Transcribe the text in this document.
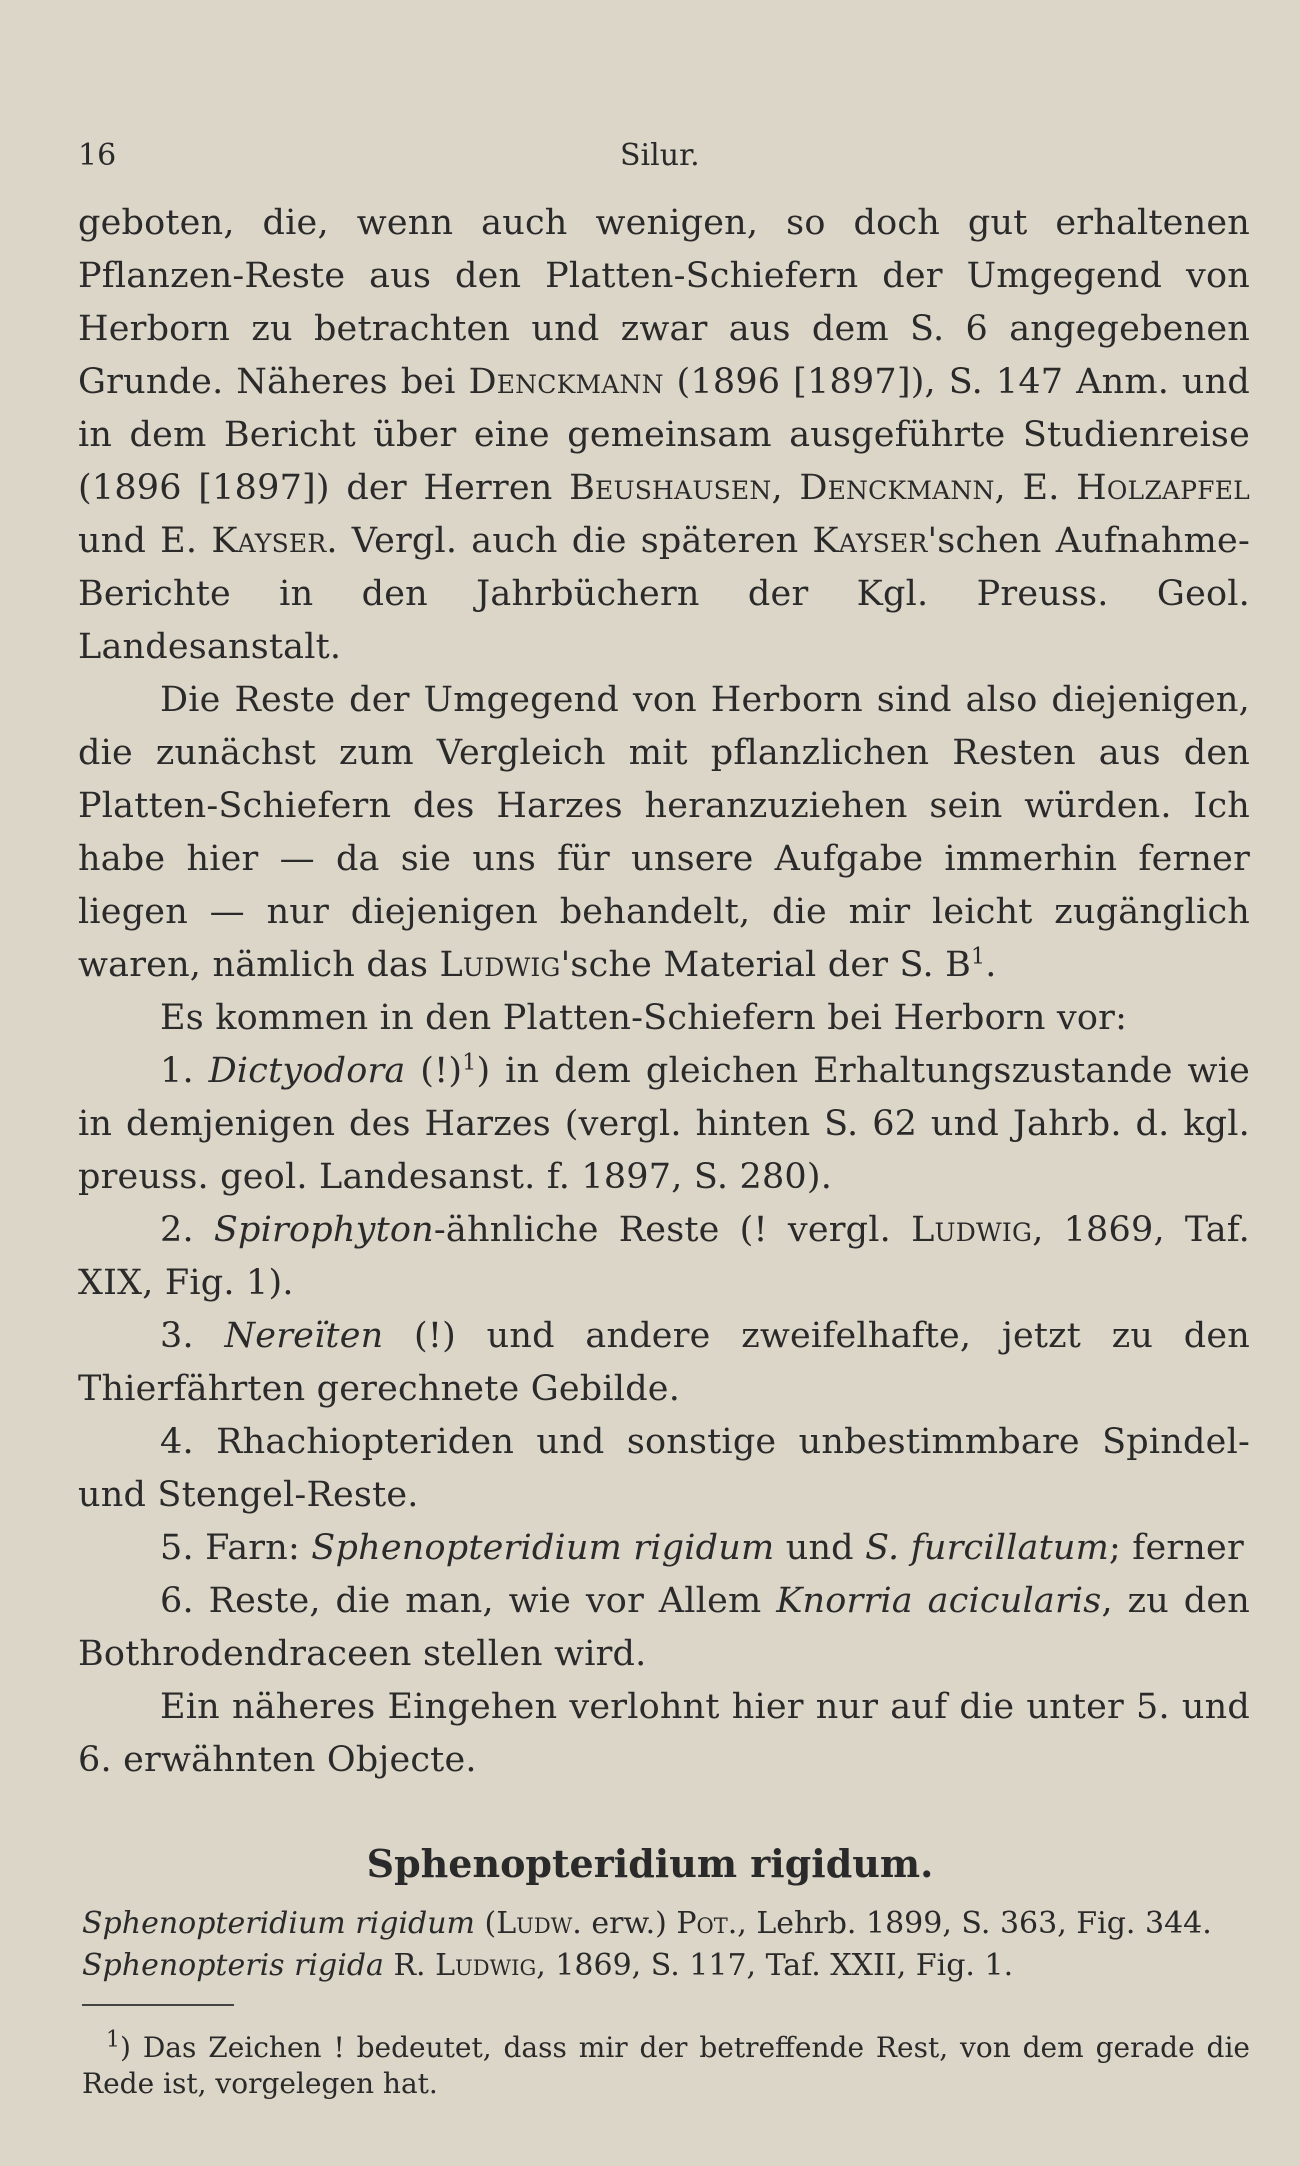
16	Silur.

geboten, die, wenn auch wenigen, so doch gut erhaltenen Pflanzen-Reste aus den Platten-Schiefern der Umgegend von Herborn zu betrachten und zwar aus dem S. 6 angegebenen Grunde. Näheres bei Denckmann (1896 [1897]), S. 147 Anm. und in dem Bericht über eine gemeinsam ausgeführte Studienreise (1896 [1897]) der Herren Beushausen, Denckmann, E. Holzapfel und E. Kayser. Vergl. auch die späteren Kayser'schen Aufnahme-Berichte in den Jahrbüchern der Kgl. Preuss. Geol. Landesanstalt.

Die Reste der Umgegend von Herborn sind also diejenigen, die zunächst zum Vergleich mit pflanzlichen Resten aus den Platten-Schiefern des Harzes heranzuziehen sein würden. Ich habe hier — da sie uns für unsere Aufgabe immerhin ferner liegen — nur diejenigen behandelt, die mir leicht zugänglich waren, nämlich das Ludwig'sche Material der S. $B^1$.

Es kommen in den Platten-Schiefern bei Herborn vor:

1. Dictyodora (!)$^1$) in dem gleichen Erhaltungszustande wie in demjenigen des Harzes (vergl. hinten S. 62 und Jahrb. d. kgl. preuss. geol. Landesanst. f. 1897, S. 280).

2. Spirophyton-ähnliche Reste (! vergl. Ludwig, 1869, Taf. XIX, Fig. 1).

3. Nereïten (!) und andere zweifelhafte, jetzt zu den Thierfährten gerechnete Gebilde.

4. Rhachiopteriden und sonstige unbestimmbare Spindel- und Stengel-Reste.

5. Farn: Sphenopteridium rigidum und S. furcillatum; ferner

6. Reste, die man, wie vor Allem Knorria acicularis, zu den Bothrodendraceen stellen wird.

Ein näheres Eingehen verlohnt hier nur auf die unter 5. und 6. erwähnten Objecte.

Sphenopteridium rigidum.
Sphenopteridium rigidum (Ludw. erw.) Pot., Lehrb. 1899, S. 363, Fig. 344.
Sphenopteris rigida R. Ludwig, 1869, S. 117, Taf. XXII, Fig. 1.

$^1$) Das Zeichen ! bedeutet, dass mir der betreffende Rest, von dem gerade die Rede ist, vorgelegen hat.
